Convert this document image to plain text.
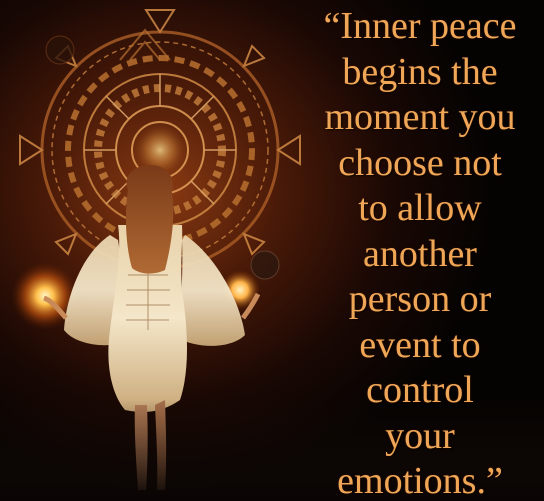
“Inner peace
begins the
moment you
choose not
to allow
another
person or
event to
control
your
emotions.”
